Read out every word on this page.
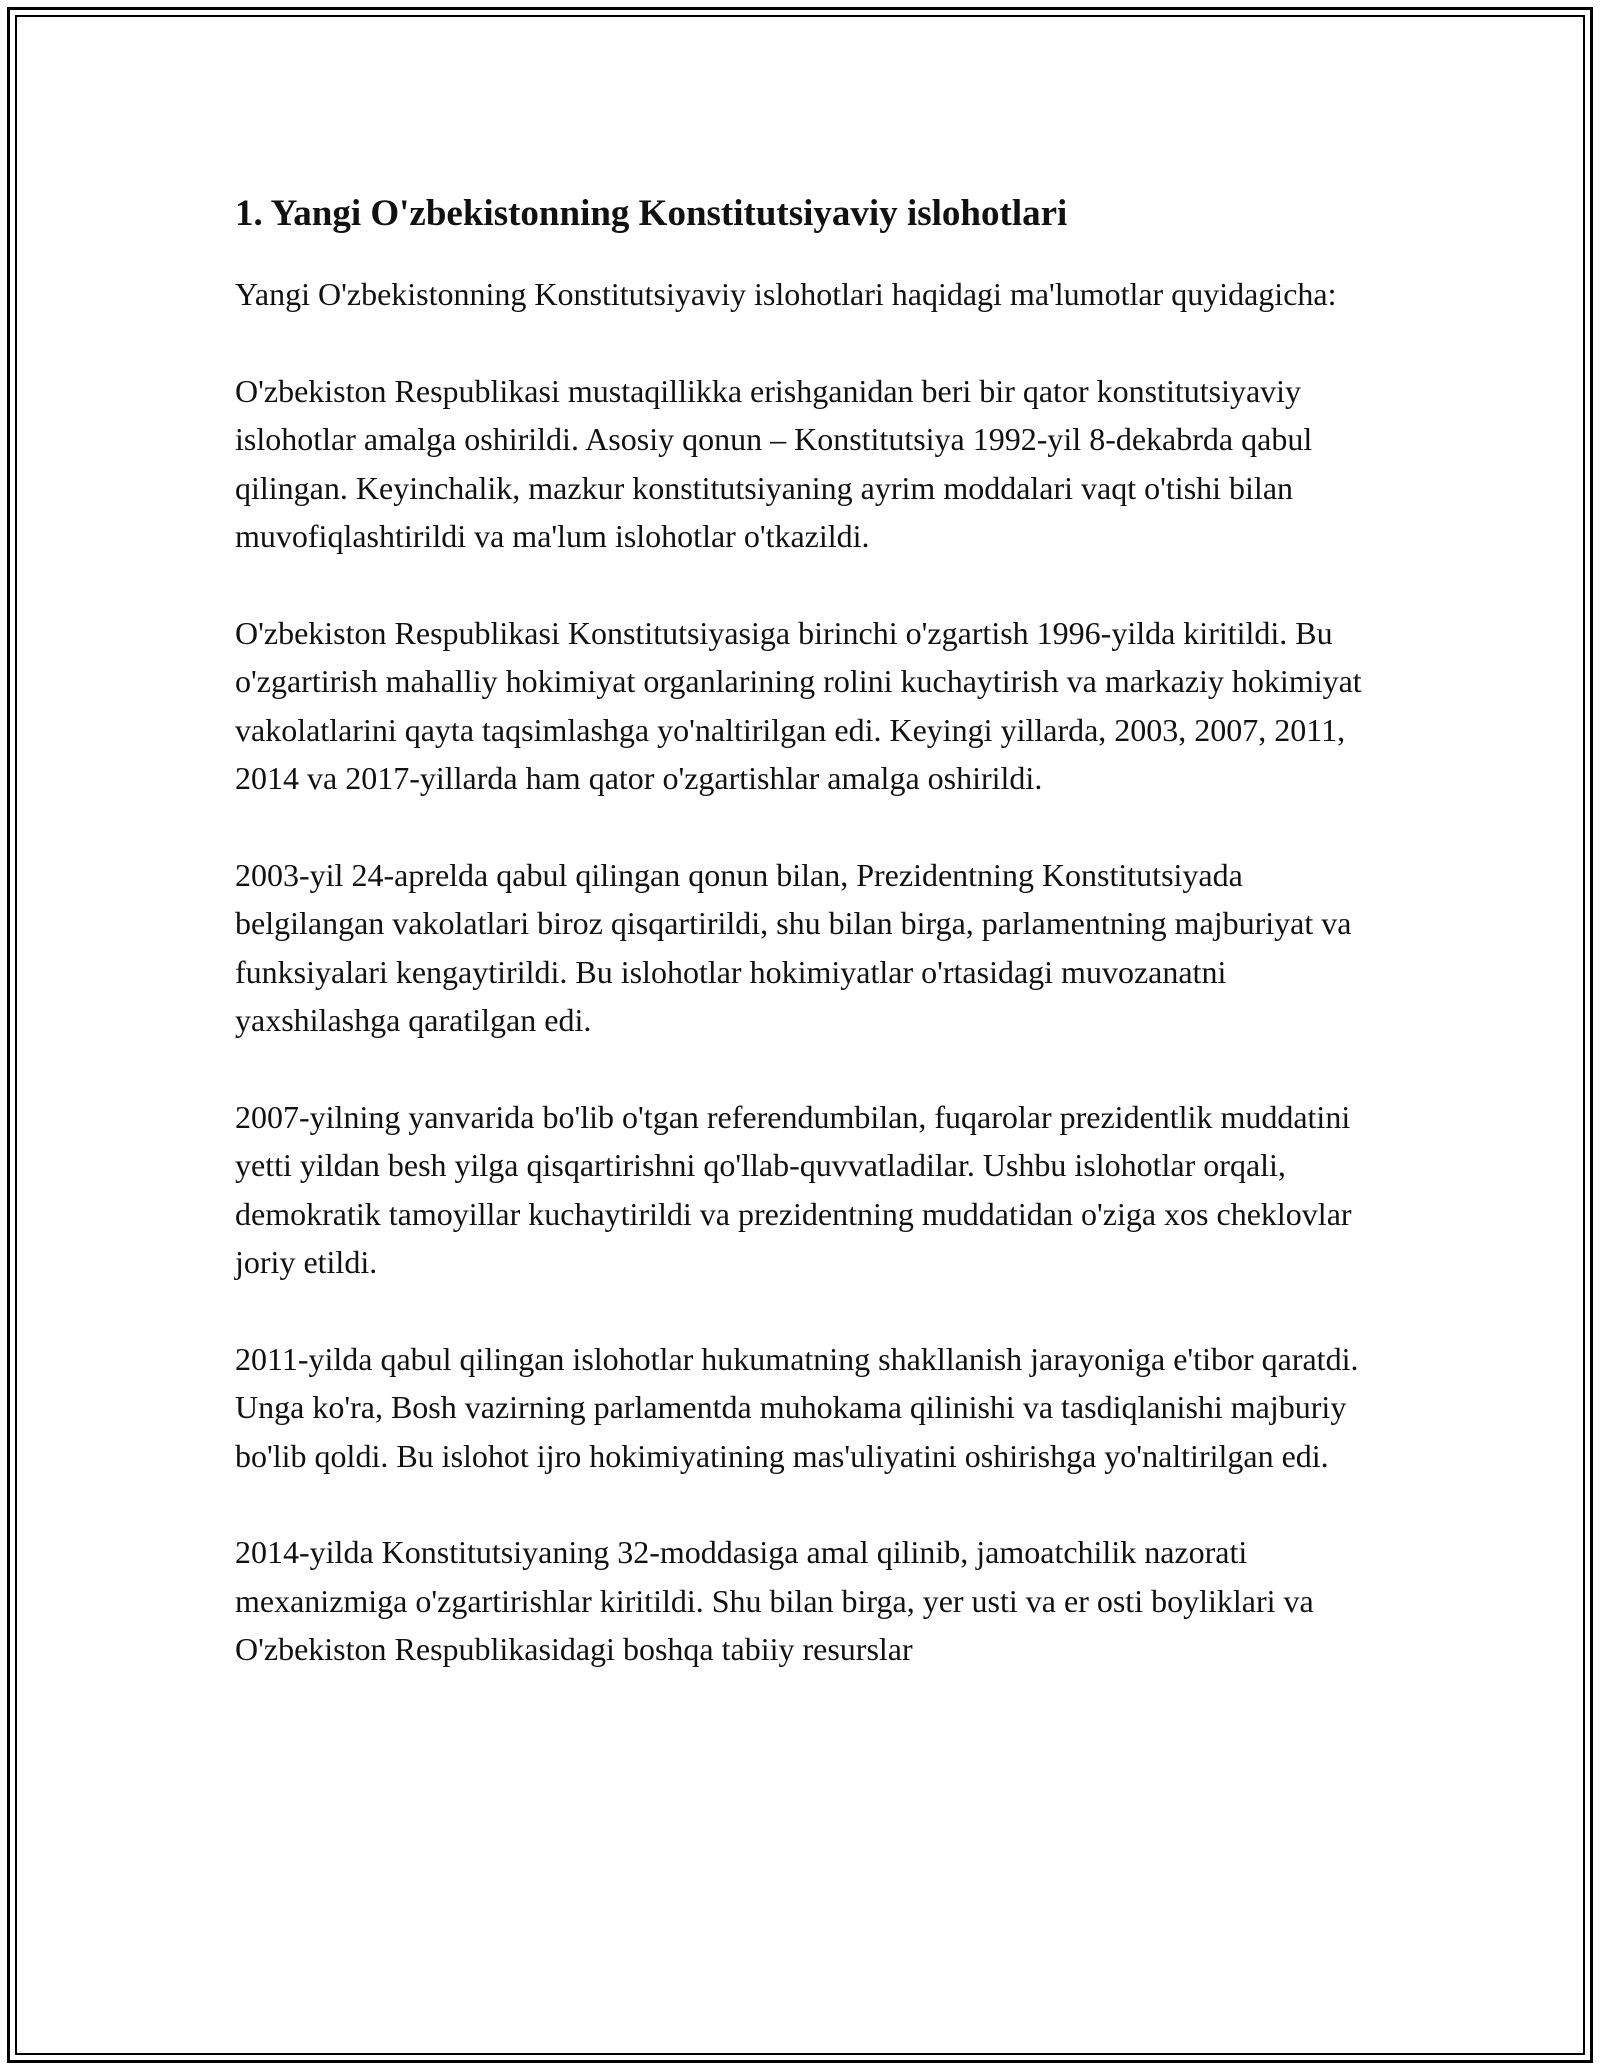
1. Yangi O'zbekistonning Konstitutsiyaviy islohotlari

Yangi O'zbekistonning Konstitutsiyaviy islohotlari haqidagi ma'lumotlar quyidagicha:

O'zbekiston Respublikasi mustaqillikka erishganidan beri bir qator konstitutsiyaviy islohotlar amalga oshirildi. Asosiy qonun – Konstitutsiya 1992-yil 8-dekabrda qabul qilingan. Keyinchalik, mazkur konstitutsiyaning ayrim moddalari vaqt o'tishi bilan muvofiqlashtirildi va ma'lum islohotlar o'tkazildi.

O'zbekiston Respublikasi Konstitutsiyasiga birinchi o'zgartish 1996-yilda kiritildi. Bu o'zgartirish mahalliy hokimiyat organlarining rolini kuchaytirish va markaziy hokimiyat vakolatlarini qayta taqsimlashga yo'naltirilgan edi. Keyingi yillarda, 2003, 2007, 2011, 2014 va 2017-yillarda ham qator o'zgartishlar amalga oshirildi.

2003-yil 24-aprelda qabul qilingan qonun bilan, Prezidentning Konstitutsiyada belgilangan vakolatlari biroz qisqartirildi, shu bilan birga, parlamentning majburiyat va funksiyalari kengaytirildi. Bu islohotlar hokimiyatlar o'rtasidagi muvozanatni yaxshilashga qaratilgan edi.

2007-yilning yanvarida bo'lib o'tgan referendumbilan, fuqarolar prezidentlik muddatini yetti yildan besh yilga qisqartirishni qo'llab-quvvatladilar. Ushbu islohotlar orqali, demokratik tamoyillar kuchaytirildi va prezidentning muddatidan o'ziga xos cheklovlar joriy etildi.

2011-yilda qabul qilingan islohotlar hukumatning shakllanish jarayoniga e'tibor qaratdi. Unga ko'ra, Bosh vazirning parlamentda muhokama qilinishi va tasdiqlanishi majburiy bo'lib qoldi. Bu islohot ijro hokimiyatining mas'uliyatini oshirishga yo'naltirilgan edi.

2014-yilda Konstitutsiyaning 32-moddasiga amal qilinib, jamoatchilik nazorati mexanizmiga o'zgartirishlar kiritildi. Shu bilan birga, yer usti va er osti boyliklari va O'zbekiston Respublikasidagi boshqa tabiiy resurslar
